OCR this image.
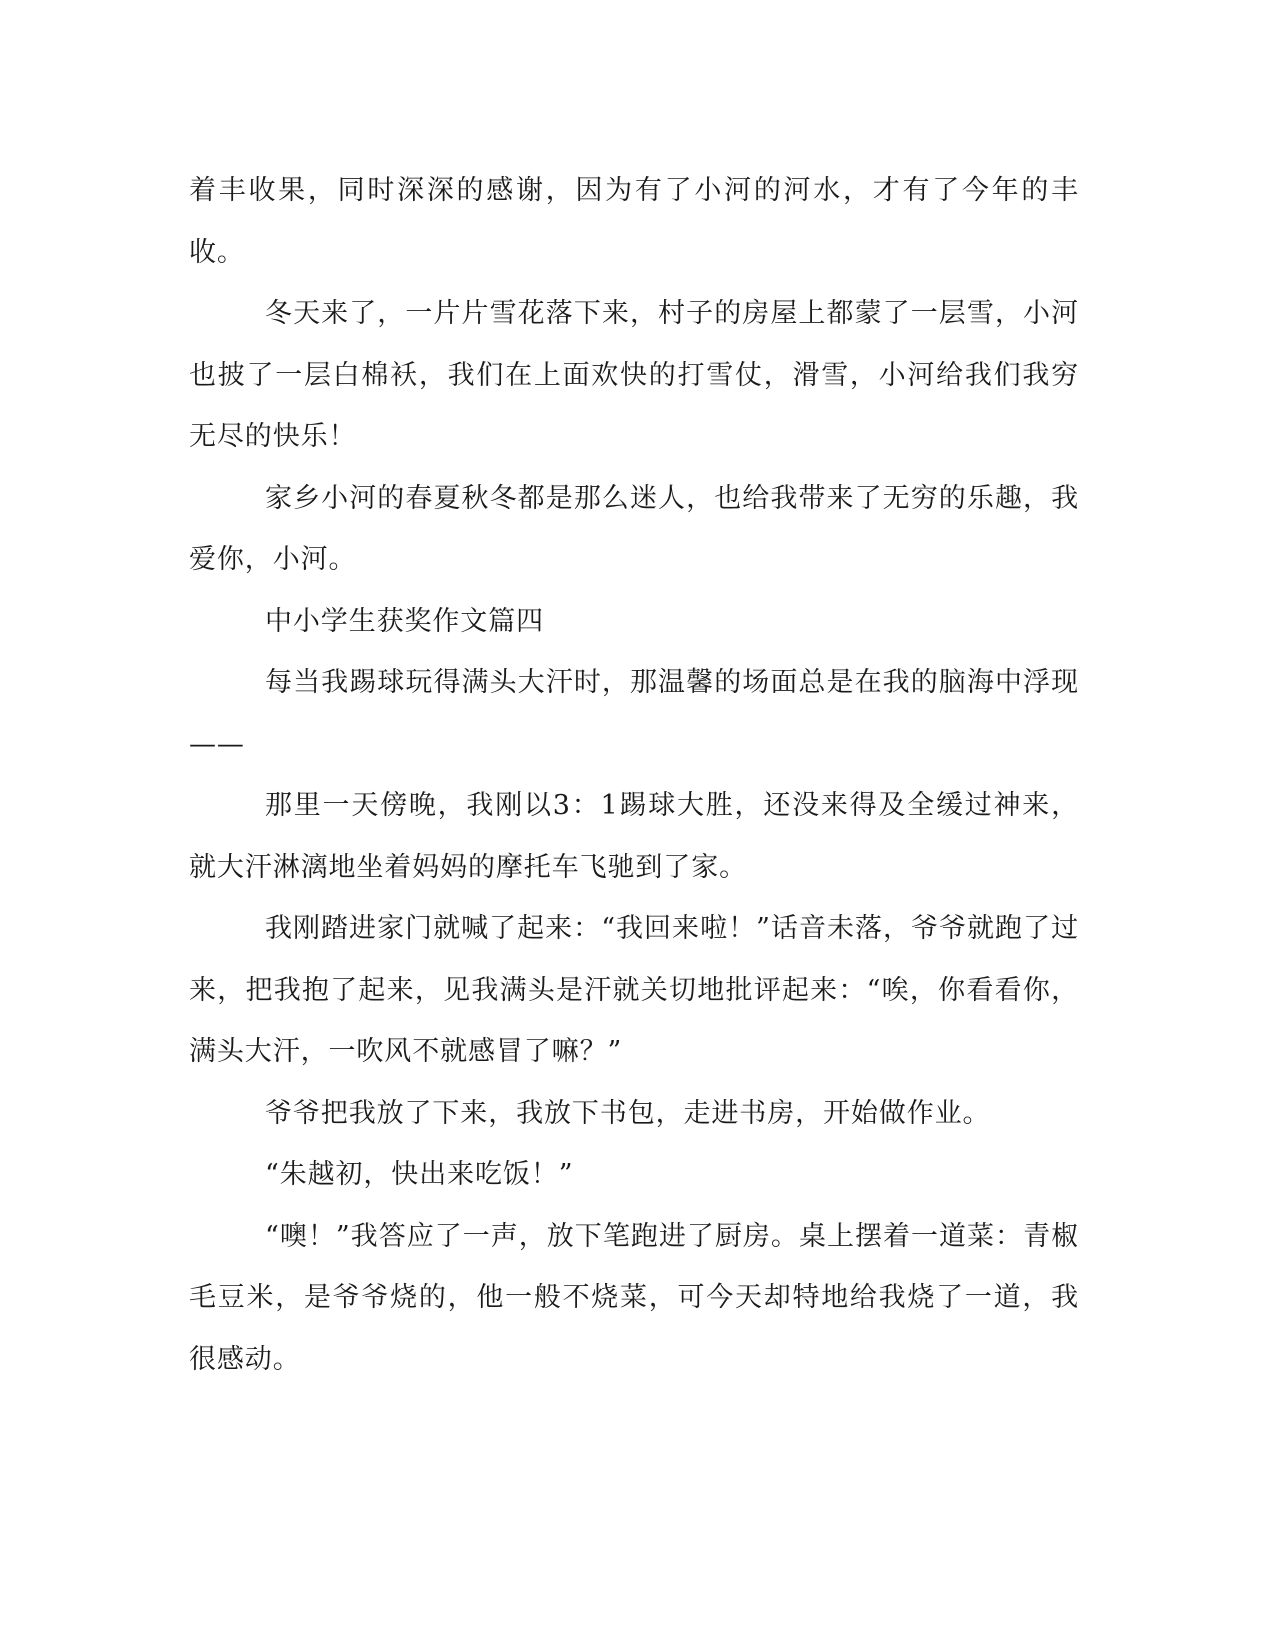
着丰收果，同时深深的感谢，因为有了小河的河水，才有了今年的丰收。

冬天来了，一片片雪花落下来，村子的房屋上都蒙了一层雪，小河也披了一层白棉袄，我们在上面欢快的打雪仗，滑雪，小河给我们我穷无尽的快乐！

家乡小河的春夏秋冬都是那么迷人，也给我带来了无穷的乐趣，我爱你，小河。

中小学生获奖作文篇四

每当我踢球玩得满头大汗时，那温馨的场面总是在我的脑海中浮现——

那里一天傍晚，我刚以3：1踢球大胜，还没来得及全缓过神来，就大汗淋漓地坐着妈妈的摩托车飞驰到了家。

我刚踏进家门就喊了起来：“我回来啦！”话音未落，爷爷就跑了过来，把我抱了起来，见我满头是汗就关切地批评起来：“唉，你看看你，满头大汗，一吹风不就感冒了嘛？”

爷爷把我放了下来，我放下书包，走进书房，开始做作业。

“朱越初，快出来吃饭！”

“噢！”我答应了一声，放下笔跑进了厨房。桌上摆着一道菜：青椒毛豆米，是爷爷烧的，他一般不烧菜，可今天却特地给我烧了一道，我很感动。
